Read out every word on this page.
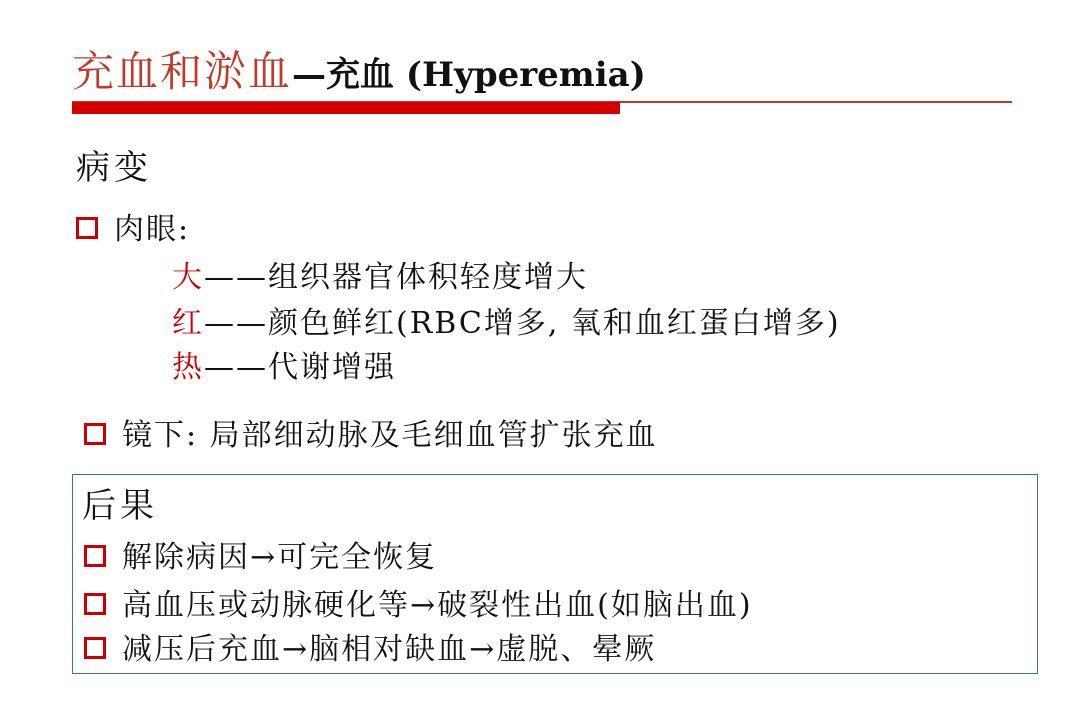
充血和淤血—充血 (Hyperemia)
病变
肉眼:
大——组织器官体积轻度增大
红——颜色鲜红(RBC增多, 氧和血红蛋白增多)
热——代谢增强
镜下: 局部细动脉及毛细血管扩张充血
后果
解除病因→可完全恢复
高血压或动脉硬化等→破裂性出血(如脑出血)
减压后充血→脑相对缺血→虚脱、晕厥
